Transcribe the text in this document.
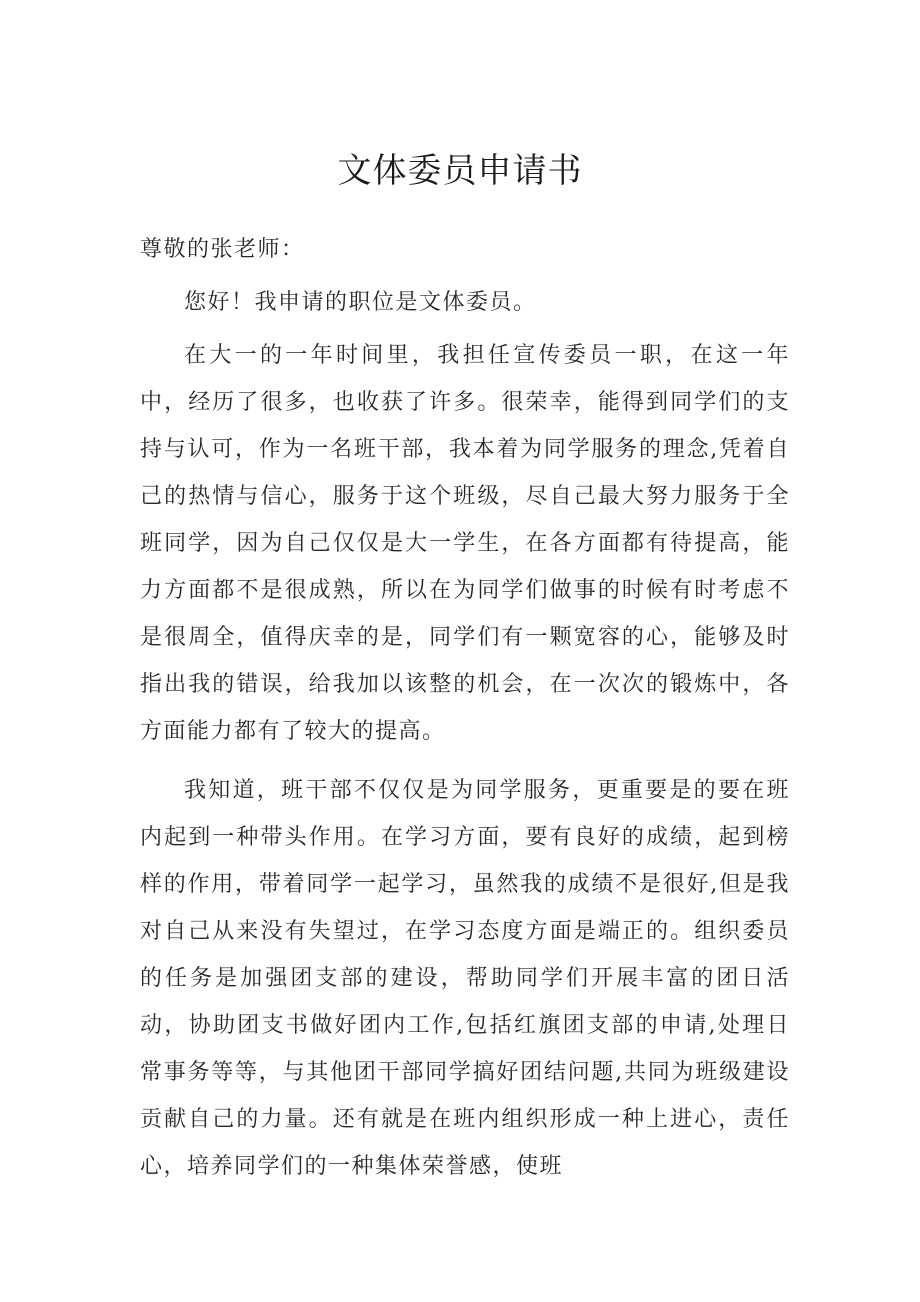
文体委员申请书

尊敬的张老师：

您好！我申请的职位是文体委员。

在大一的一年时间里，我担任宣传委员一职，在这一年中，经历了很多，也收获了许多。很荣幸，能得到同学们的支持与认可，作为一名班干部，我本着为同学服务的理念,凭着自己的热情与信心，服务于这个班级，尽自己最大努力服务于全班同学，因为自己仅仅是大一学生，在各方面都有待提高，能力方面都不是很成熟，所以在为同学们做事的时候有时考虑不是很周全，值得庆幸的是，同学们有一颗宽容的心，能够及时指出我的错误，给我加以该整的机会，在一次次的锻炼中，各方面能力都有了较大的提高。

我知道，班干部不仅仅是为同学服务，更重要是的要在班内起到一种带头作用。在学习方面，要有良好的成绩，起到榜样的作用，带着同学一起学习，虽然我的成绩不是很好,但是我对自己从来没有失望过，在学习态度方面是端正的。组织委员的任务是加强团支部的建设，帮助同学们开展丰富的团日活动，协助团支书做好团内工作,包括红旗团支部的申请,处理日常事务等等，与其他团干部同学搞好团结问题,共同为班级建设贡献自己的力量。还有就是在班内组织形成一种上进心，责任心，培养同学们的一种集体荣誉感，使班
